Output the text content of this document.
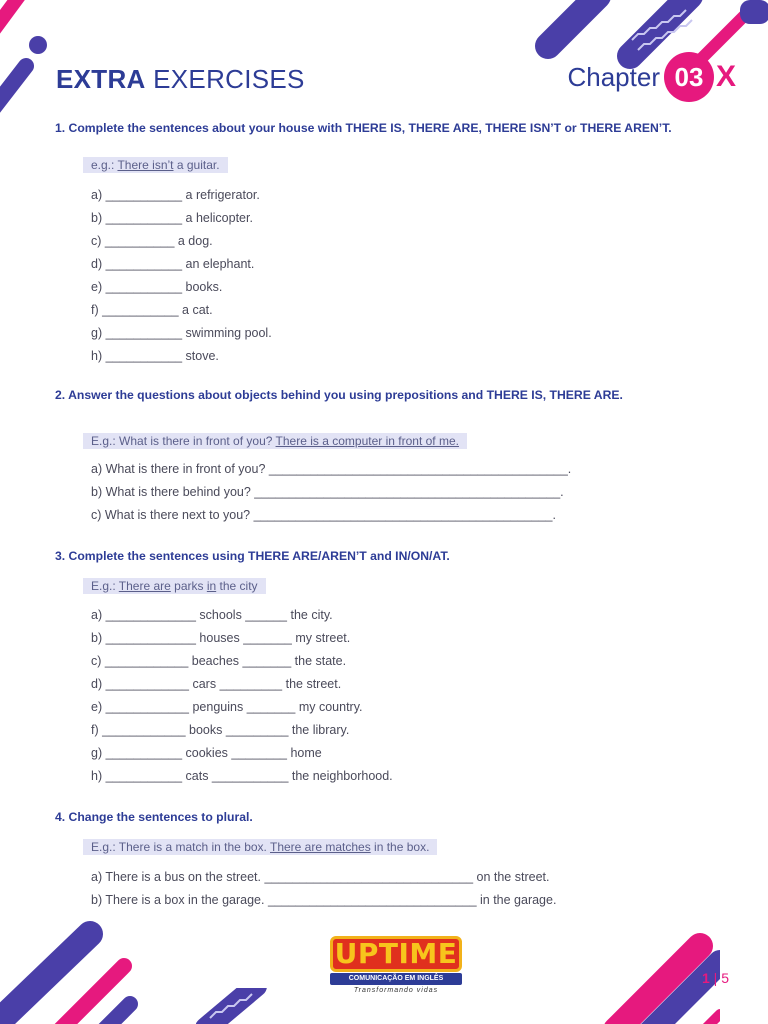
EXTRA EXERCISES	Chapter 03 X
1. Complete the sentences about your house with THERE IS, THERE ARE, THERE ISN’T or THERE AREN’T.
e.g.: There isn’t a guitar.
a) ___________ a refrigerator.
b) ___________ a helicopter.
c) __________ a dog.
d) ___________ an elephant.
e) ___________ books.
f) ___________ a cat.
g) ___________ swimming pool.
h) ___________ stove.
2. Answer the questions about objects behind you using prepositions and THERE IS, THERE ARE.
E.g.: What is there in front of you? There is a computer in front of me.
a) What is there in front of you? ___________________________________________.
b) What is there behind you? ____________________________________________.
c) What is there next to you? ___________________________________________.
3. Complete the sentences using THERE ARE/AREN’T and IN/ON/AT.
E.g.: There are parks in the city
a) _____________ schools ______ the city.
b) _____________ houses _______ my street.
c) ____________ beaches _______ the state.
d) ____________ cars _________ the street.
e) ____________ penguins _______ my country.
f) ____________ books _________ the library.
g) ___________ cookies ________ home
h) ___________ cats ___________ the neighborhood.
4. Change the sentences to plural.
E.g.: There is a match in the box. There are matches in the box.
a) There is a bus on the street. ______________________________ on the street.
b) There is a box in the garage. ______________________________ in the garage.
UPTIME
COMUNICAÇÃO EM INGLÊS
Transformando vidas
1 | 5
